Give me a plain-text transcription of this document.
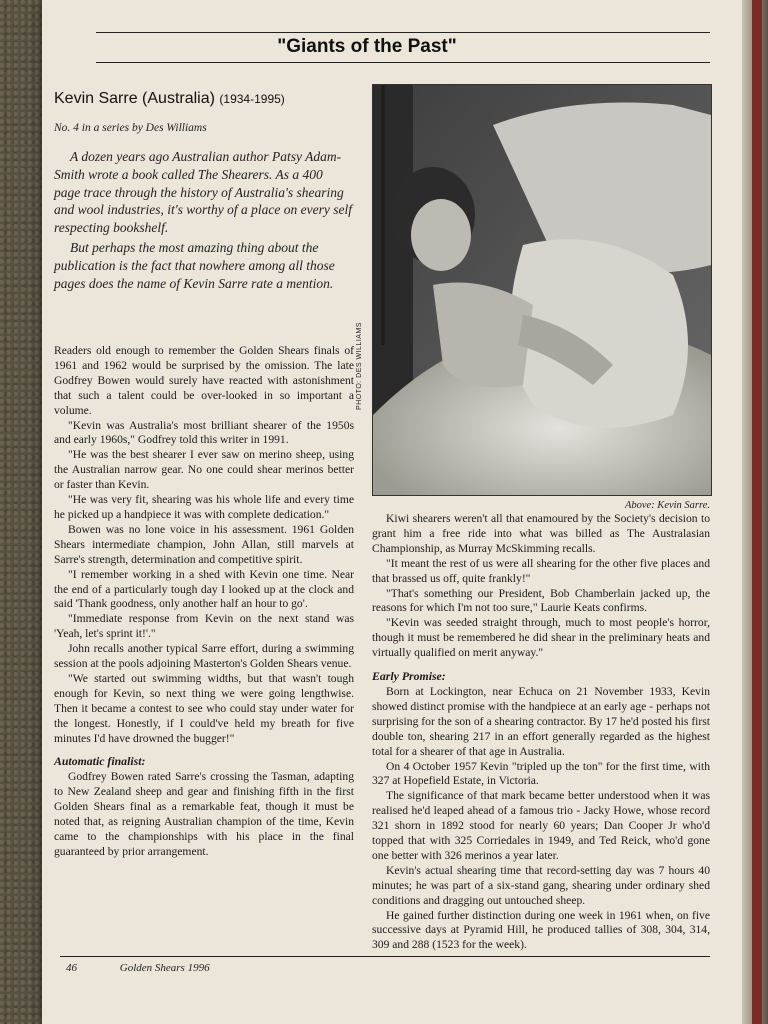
"Giants of the Past"
Kevin Sarre (Australia) (1934-1995)
No. 4 in a series by Des Williams

A dozen years ago Australian author Patsy Adam-Smith wrote a book called The Shearers. As a 400 page trace through the history of Australia's shearing and wool industries, it's worthy of a place on every self respecting bookshelf.

But perhaps the most amazing thing about the publication is the fact that nowhere among all those pages does the name of Kevin Sarre rate a mention.

Readers old enough to remember the Golden Shears finals of 1961 and 1962 would be surprised by the omission. The late Godfrey Bowen would surely have reacted with astonishment that such a talent could be over-looked in so important a volume.

"Kevin was Australia's most brilliant shearer of the 1950s and early 1960s," Godfrey told this writer in 1991.

"He was the best shearer I ever saw on merino sheep, using the Australian narrow gear. No one could shear merinos better or faster than Kevin.

"He was very fit, shearing was his whole life and every time he picked up a handpiece it was with complete dedication."

Bowen was no lone voice in his assessment. 1961 Golden Shears intermediate champion, John Allan, still marvels at Sarre's strength, determination and competitive spirit.

"I remember working in a shed with Kevin one time. Near the end of a particularly tough day I looked up at the clock and said 'Thank goodness, only another half an hour to go'.

"Immediate response from Kevin on the next stand was 'Yeah, let's sprint it!'."

John recalls another typical Sarre effort, during a swimming session at the pools adjoining Masterton's Golden Shears venue.

"We started out swimming widths, but that wasn't tough enough for Kevin, so next thing we were going lengthwise. Then it became a contest to see who could stay under water for the longest. Honestly, if I could've held my breath for five minutes I'd have drowned the bugger!"

Automatic finalist:

Godfrey Bowen rated Sarre's crossing the Tasman, adapting to New Zealand sheep and gear and finishing fifth in the first Golden Shears final as a remarkable feat, though it must be noted that, as reigning Australian champion of the time, Kevin came to the championships with his place in the final guaranteed by prior arrangement.

PHOTO: DES WILLIAMS
Above: Kevin Sarre.

Kiwi shearers weren't all that enamoured by the Society's decision to grant him a free ride into what was billed as The Australasian Championship, as Murray McSkimming recalls.

"It meant the rest of us were all shearing for the other five places and that brassed us off, quite frankly!"

"That's something our President, Bob Chamberlain jacked up, the reasons for which I'm not too sure," Laurie Keats confirms.

"Kevin was seeded straight through, much to most people's horror, though it must be remembered he did shear in the preliminary heats and virtually qualified on merit anyway."

Early Promise:

Born at Lockington, near Echuca on 21 November 1933, Kevin showed distinct promise with the handpiece at an early age - perhaps not surprising for the son of a shearing contractor. By 17 he'd posted his first double ton, shearing 217 in an effort generally regarded as the highest total for a shearer of that age in Australia.

On 4 October 1957 Kevin "tripled up the ton" for the first time, with 327 at Hopefield Estate, in Victoria.

The significance of that mark became better understood when it was realised he'd leaped ahead of a famous trio - Jacky Howe, whose record 321 shorn in 1892 stood for nearly 60 years; Dan Cooper Jr who'd topped that with 325 Corriedales in 1949, and Ted Reick, who'd gone one better with 326 merinos a year later.

Kevin's actual shearing time that record-setting day was 7 hours 40 minutes; he was part of a six-stand gang, shearing under ordinary shed conditions and dragging out untouched sheep.

He gained further distinction during one week in 1961 when, on five successive days at Pyramid Hill, he produced tallies of 308, 304, 314, 309 and 288 (1523 for the week).

46	Golden Shears 1996
